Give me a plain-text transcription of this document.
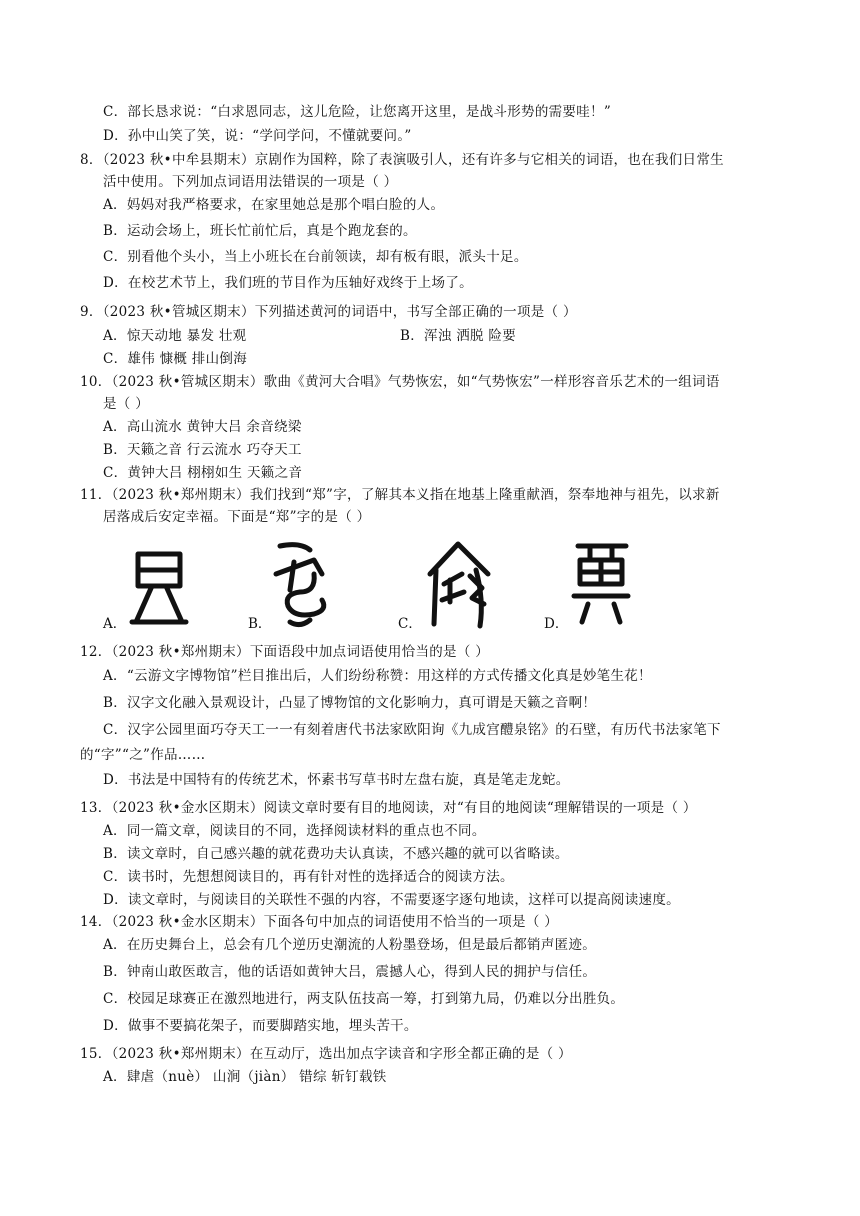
C．部长恳求说：“白求恩同志，这儿危险，让您离开这里，是战斗形势的需要哇！”
D．孙中山笑了笑，说：“学问学问，不懂就要问。”
8．（2023 秋•中牟县期末）京剧作为国粹，除了表演吸引人，还有许多与它相关的词语，也在我们日常生
活中使用。下列加点词语用法错误的一项是（ ）
A．妈妈对我严格要求，在家里她总是那个唱白脸的人。
B．运动会场上，班长忙前忙后，真是个跑龙套的。
C．别看他个头小，当上小班长在台前领读，却有板有眼，派头十足。
D．在校艺术节上，我们班的节目作为压轴好戏终于上场了。
9．（2023 秋•管城区期末）下列描述黄河的词语中，书写全部正确的一项是（ ）
A．惊天动地 暴发 壮观	B．浑浊 洒脱 险要
C．雄伟 慷概 排山倒海
10．（2023 秋•管城区期末）歌曲《黄河大合唱》气势恢宏，如“气势恢宏”一样形容音乐艺术的一组词语
是（ ）
A．高山流水 黄钟大吕 余音绕梁
B．天籁之音 行云流水 巧夺天工
C．黄钟大吕 栩栩如生 天籁之音
11．（2023 秋•郑州期末）我们找到“郑”字，了解其本义指在地基上隆重献酒，祭奉地神与祖先，以求新
居落成后安定幸福。下面是“郑”字的是（ ）
12．（2023 秋•郑州期末）下面语段中加点词语使用恰当的是（ ）
A．“云游文字博物馆”栏目推出后，人们纷纷称赞：用这样的方式传播文化真是妙笔生花！
B．汉字文化融入景观设计，凸显了博物馆的文化影响力，真可谓是天籁之音啊！
C．汉字公园里面巧夺天工一一有刻着唐代书法家欧阳询《九成宫醴泉铭》的石壁，有历代书法家笔下
的“字”“之”作品……
D．书法是中国特有的传统艺术，怀素书写草书时左盘右旋，真是笔走龙蛇。
13．（2023 秋•金水区期末）阅读文章时要有目的地阅读，对“有目的地阅读“理解错误的一项是（ ）
A．同一篇文章，阅读目的不同，选择阅读材料的重点也不同。
B．读文章时，自己感兴趣的就花费功夫认真读，不感兴趣的就可以省略读。
C．读书时，先想想阅读目的，再有针对性的选择适合的阅读方法。
D．读文章时，与阅读目的关联性不强的内容，不需要逐字逐句地读，这样可以提高阅读速度。
14．（2023 秋•金水区期末）下面各句中加点的词语使用不恰当的一项是（ ）
A．在历史舞台上，总会有几个逆历史潮流的人粉墨登场，但是最后都销声匿迹。
B．钟南山敢医敢言，他的话语如黄钟大吕，震撼人心，得到人民的拥护与信任。
C．校园足球赛正在激烈地进行，两支队伍技高一筹，打到第九局，仍难以分出胜负。
D．做事不要搞花架子，而要脚踏实地，埋头苦干。
15．（2023 秋•郑州期末）在互动厅，选出加点字读音和字形全都正确的是（ ）
A．肆虐（nuè） 山涧（jiàn） 错综 斩钉载铁
A．	B．	C．	D．
